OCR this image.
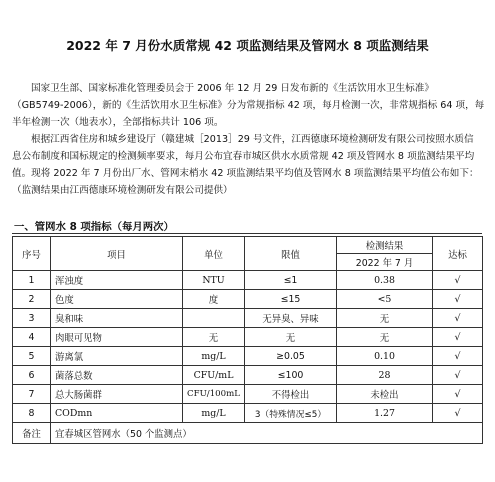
2022 年 7 月份水质常规 42 项监测结果及管网水 8 项监测结果
国家卫生部、国家标准化管理委员会于 2006 年 12 月 29 日发布新的《生活饮用水卫生标准》
（GB5749-2006），新的《生活饮用水卫生标准》分为常规指标 42 项，每月检测一次，非常规指标 64 项，每
半年检测一次（地表水），全部指标共计 106 项。
根据江西省住房和城乡建设厅（赣建城［2013］29 号文件，江西德康环境检测研发有限公司按照水质信
息公布制度和国标规定的检测频率要求，每月公布宜春市城区供水水质常规 42 项及管网水 8 项监测结果平均
值。现将 2022 年 7 月份出厂水、管网末梢水 42 项监测结果平均值及管网水 8 项监测结果平均值公布如下：
（监测结果由江西德康环境检测研发有限公司提供）
一、管网水 8 项指标（每月两次）
序号	项目	单位	限值	检测结果	达标
				2022 年 7 月	
1	浑浊度	NTU	≤1	0.38	√
2	色度	度	≤15	<5	√
3	臭和味		无异臭、异味	无	√
4	肉眼可见物	无	无	无	√
5	游离氯	mg/L	≥0.05	0.10	√
6	菌落总数	CFU/mL	≤100	28	√
7	总大肠菌群	CFU/100mL	不得检出	未检出	√
8	CODmn	mg/L	3（特殊情况≤5）	1.27	√
备注	宜春城区管网水（50 个监测点）				
